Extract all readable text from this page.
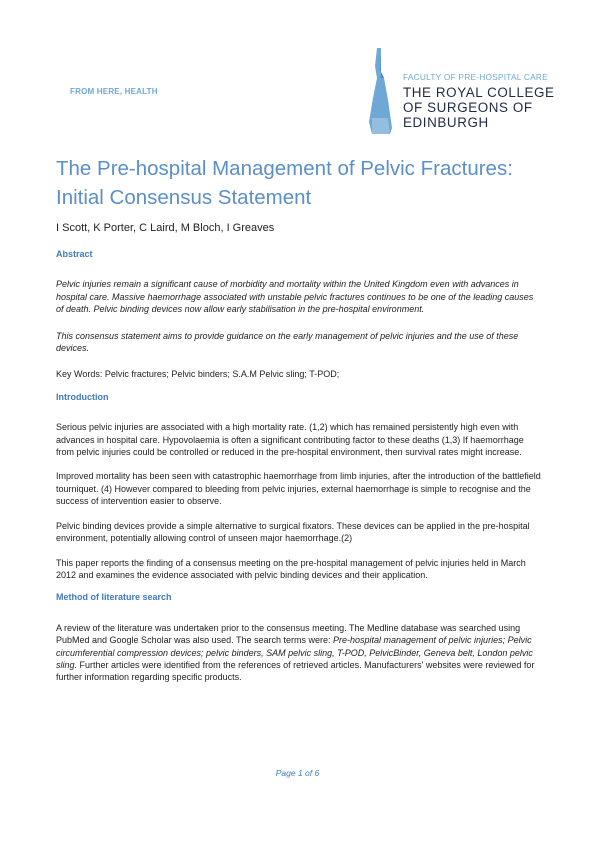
FROM HERE, HEALTH
FACULTY OF PRE-HOSPITAL CARE
THE ROYAL COLLEGE
OF SURGEONS OF
EDINBURGH
The Pre-hospital Management of Pelvic Fractures:
Initial Consensus Statement
I Scott, K Porter, C Laird, M Bloch, I Greaves
Abstract

Pelvic injuries remain a significant cause of morbidity and mortality within the United Kingdom even with advances in hospital care. Massive haemorrhage associated with unstable pelvic fractures continues to be one of the leading causes of death. Pelvic binding devices now allow early stabilisation in the pre-hospital environment.

This consensus statement aims to provide guidance on the early management of pelvic injuries and the use of these devices.

Key Words: Pelvic fractures; Pelvic binders; S.A.M Pelvic sling; T-POD;

Introduction

Serious pelvic injuries are associated with a high mortality rate. (1,2) which has remained persistently high even with advances in hospital care. Hypovolaemia is often a significant contributing factor to these deaths (1,3) If haemorrhage from pelvic injuries could be controlled or reduced in the pre-hospital environment, then survival rates might increase.

Improved mortality has been seen with catastrophic haemorrhage from limb injuries, after the introduction of the battlefield tourniquet. (4) However compared to bleeding from pelvic injuries, external haemorrhage is simple to recognise and the success of intervention easier to observe.

Pelvic binding devices provide a simple alternative to surgical fixators. These devices can be applied in the pre-hospital environment, potentially allowing control of unseen major haemorrhage.(2)

This paper reports the finding of a consensus meeting on the pre-hospital management of pelvic injuries held in March 2012 and examines the evidence associated with pelvic binding devices and their application.

Method of literature search

A review of the literature was undertaken prior to the consensus meeting. The Medline database was searched using PubMed and Google Scholar was also used. The search terms were: Pre-hospital management of pelvic injuries; Pelvic circumferential compression devices; pelvic binders, SAM pelvic sling, T-POD, PelvicBinder, Geneva belt, London pelvic sling. Further articles were identified from the references of retrieved articles. Manufacturers' websites were reviewed for further information regarding specific products.

Page 1 of 6
